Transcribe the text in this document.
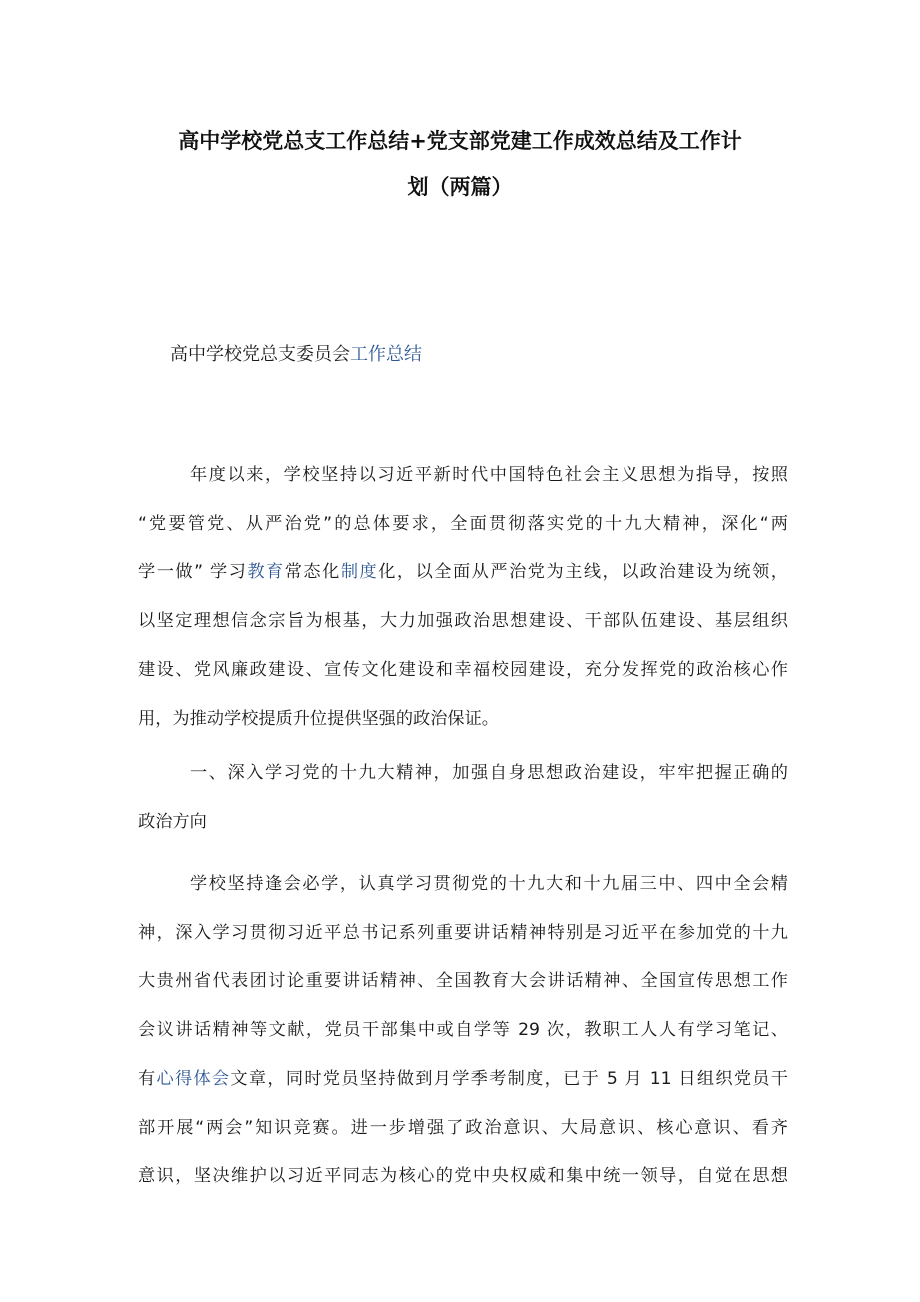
高中学校党总支工作总结+党支部党建工作成效总结及工作计
划（两篇）
高中学校党总支委员会工作总结
年度以来，学校坚持以习近平新时代中国特色社会主义思想为指导，按照
“党要管党、从严治党”的总体要求，全面贯彻落实党的十九大精神，深化“两
学一做” 学习教育常态化制度化，以全面从严治党为主线，以政治建设为统领，
以坚定理想信念宗旨为根基，大力加强政治思想建设、干部队伍建设、基层组织
建设、党风廉政建设、宣传文化建设和幸福校园建设，充分发挥党的政治核心作
用，为推动学校提质升位提供坚强的政治保证。
一、深入学习党的十九大精神，加强自身思想政治建设，牢牢把握正确的
政治方向
学校坚持逢会必学，认真学习贯彻党的十九大和十九届三中、四中全会精
神，深入学习贯彻习近平总书记系列重要讲话精神特别是习近平在参加党的十九
大贵州省代表团讨论重要讲话精神、全国教育大会讲话精神、全国宣传思想工作
会议讲话精神等文献，党员干部集中或自学等 29 次，教职工人人有学习笔记、
有心得体会文章，同时党员坚持做到月学季考制度，已于 5 月 11 日组织党员干
部开展“两会”知识竞赛。进一步增强了政治意识、大局意识、核心意识、看齐
意识，坚决维护以习近平同志为核心的党中央权威和集中统一领导，自觉在思想
